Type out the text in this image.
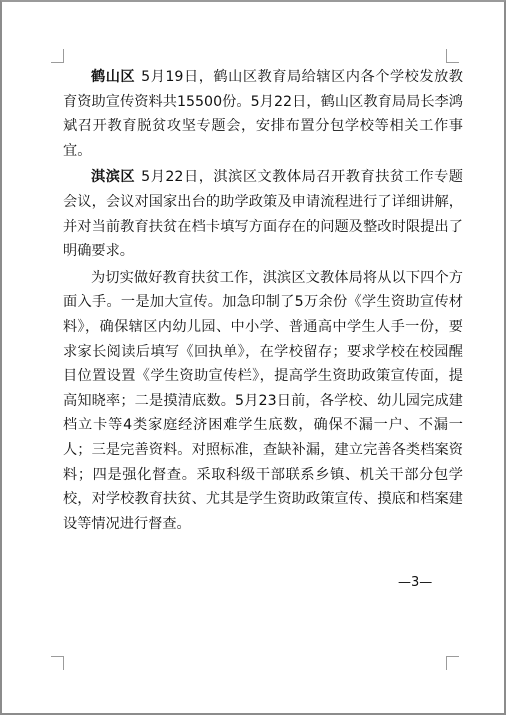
鹤山区 5月19日，鹤山区教育局给辖区内各个学校发放教育资助宣传资料共15500份。5月22日，鹤山区教育局局长李鸿斌召开教育脱贫攻坚专题会，安排布置分包学校等相关工作事宜。

淇滨区 5月22日，淇滨区文教体局召开教育扶贫工作专题会议，会议对国家出台的助学政策及申请流程进行了详细讲解，并对当前教育扶贫在档卡填写方面存在的问题及整改时限提出了明确要求。

为切实做好教育扶贫工作，淇滨区文教体局将从以下四个方面入手。一是加大宣传。加急印制了5万余份《学生资助宣传材料》，确保辖区内幼儿园、中小学、普通高中学生人手一份，要求家长阅读后填写《回执单》，在学校留存；要求学校在校园醒目位置设置《学生资助宣传栏》，提高学生资助政策宣传面，提高知晓率；二是摸清底数。5月23日前，各学校、幼儿园完成建档立卡等4类家庭经济困难学生底数，确保不漏一户、不漏一人；三是完善资料。对照标准，查缺补漏，建立完善各类档案资料；四是强化督查。采取科级干部联系乡镇、机关干部分包学校，对学校教育扶贫、尤其是学生资助政策宣传、摸底和档案建设等情况进行督查。

—3—
